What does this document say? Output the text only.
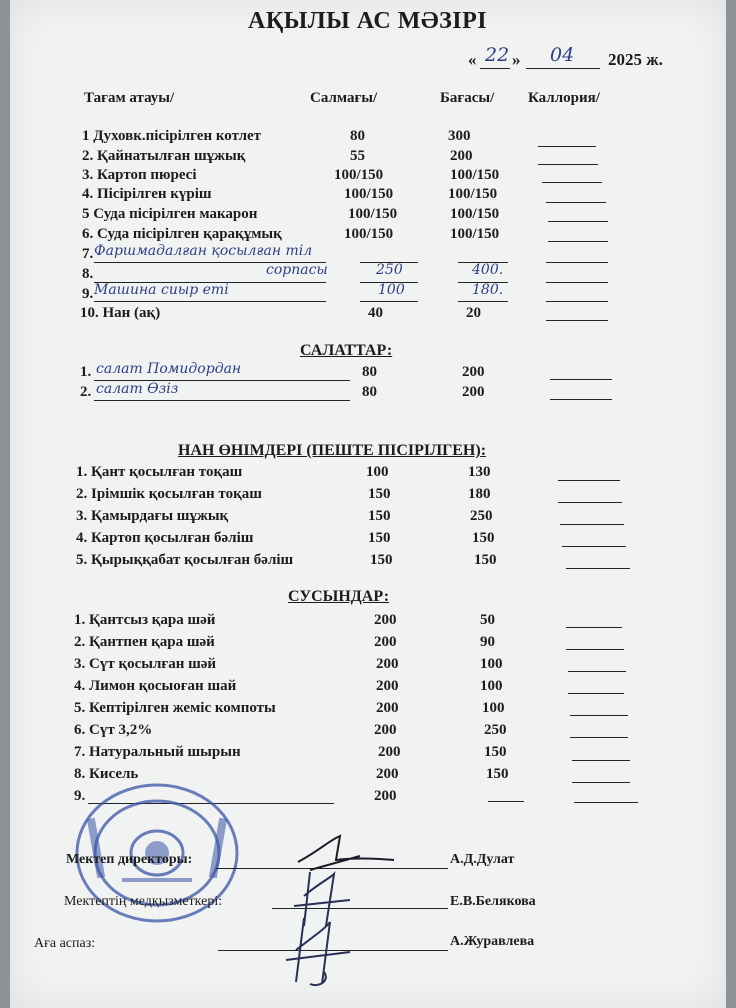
АҚЫЛЫ АС МӘЗІРІ
« 22 » 04 2025 ж.
Тағам атауы/	Салмағы/	Бағасы/ Каллория/
1 Духовк.пісірілген котлет	80	300
2. Қайнатылған шұжық	55	200
3. Картоп пюресі	100/150	100/150
4. Пісірілген күріш	100/150	100/150
5 Суда пісірілген макарон	100/150	100/150
6. Суда пісірілген қарақұмық	100/150	100/150
7. Фаршмадалған қосылған тіл
8.	сорпасы	250	400.
9. Машина сиыр еті	100	180.
10. Нан (ақ)	40	20
САЛАТТАР:
1. салат Помидордан	80	200
2. салат Өзіз	80	200
НАН ӨНІМДЕРІ (ПЕШТЕ ПІСІРІЛГЕН):
1. Қант қосылған тоқаш	100	130
2. Ірімшік қосылған тоқаш	150	180
3. Қамырдағы шұжық	150	250
4. Картоп қосылған бәліш	150	150
5. Қырыққабат қосылған бәліш	150	150
СУСЫНДАР:
1. Қантсыз қара шәй	200	50
2. Қантпен қара шәй	200	90
3. Сүт қосылған шәй	200	100
4. Лимон қосыоған шай	200	100
5. Кептірілген жеміс компоты	200	100
6. Сүт 3,2%	200	250
7. Натуральный шырын	200	150
8. Кисель	200	150
9.	200
Мектеп директоры:	А.Д.Дулат
Мектептің медқызметкері:	Е.В.Белякова
Аға аспаз:	А.Журавлева
